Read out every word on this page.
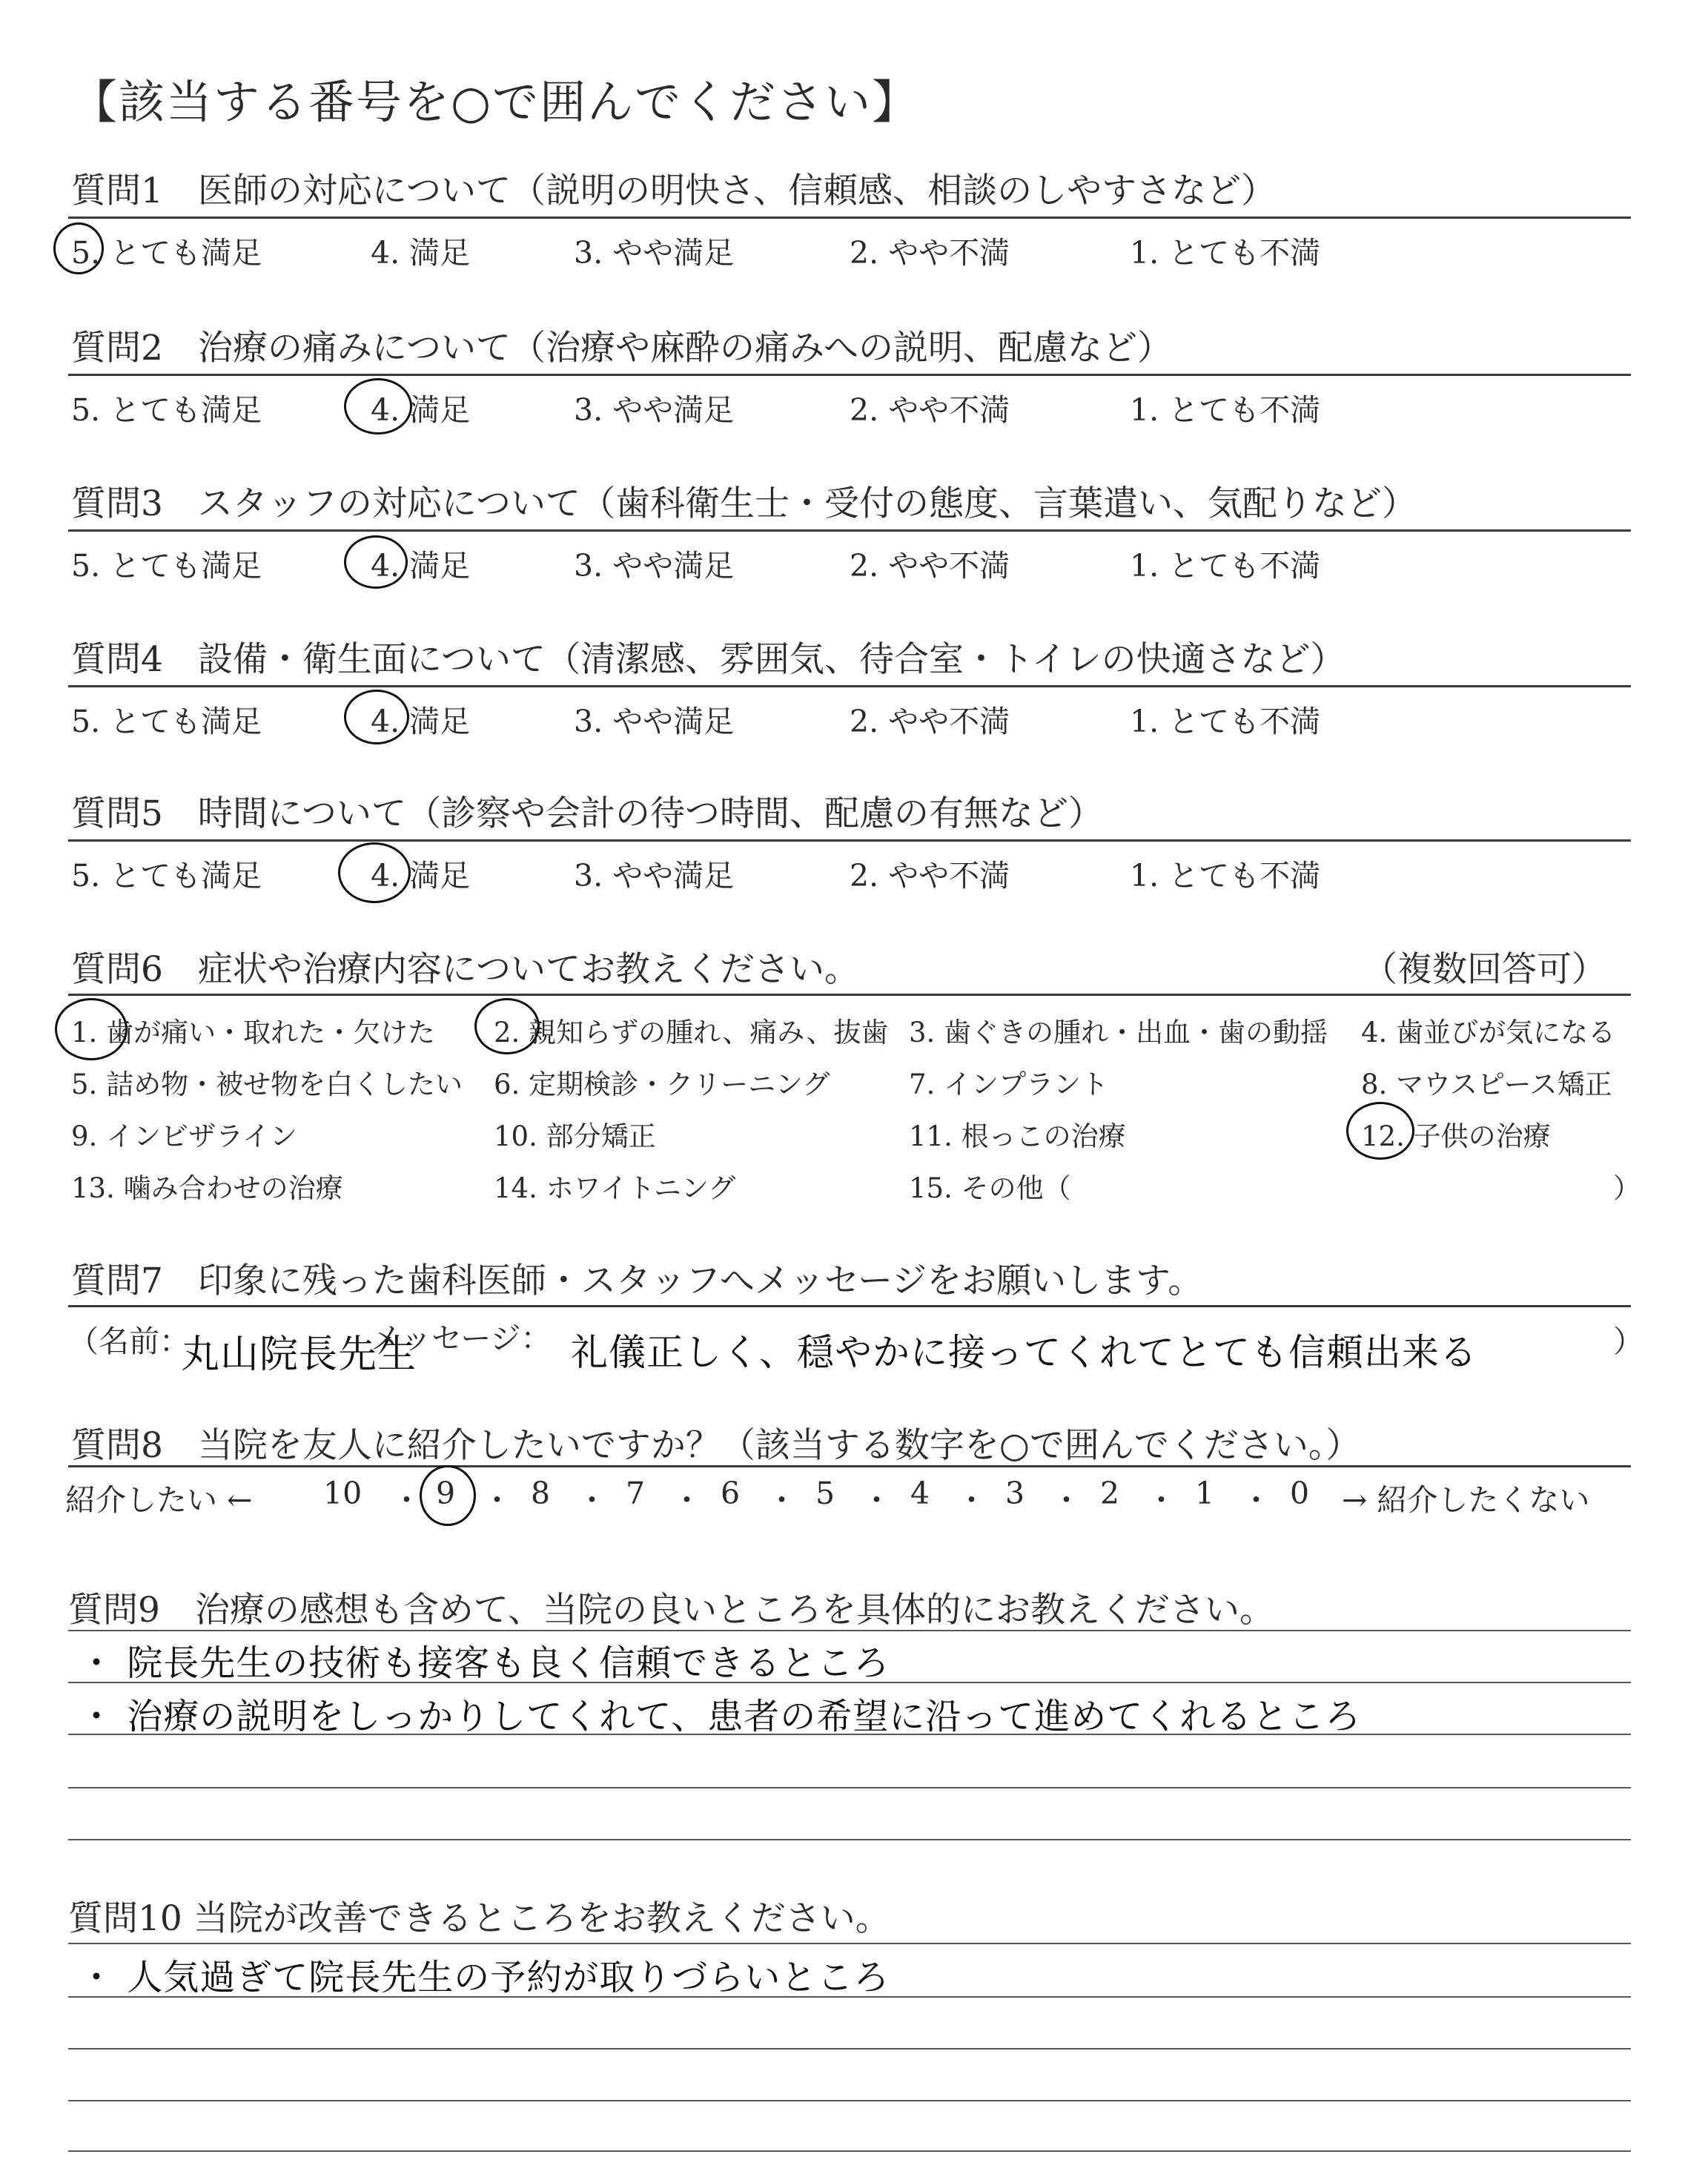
【該当する番号を○で囲んでください】
質問1　医師の対応について（説明の明快さ、信頼感、相談のしやすさなど）
5. とても満足	4. 満足	3. やや満足	2. やや不満	1. とても不満
質問2　治療の痛みについて（治療や麻酔の痛みへの説明、配慮など）
5. とても満足	4. 満足	3. やや満足	2. やや不満	1. とても不満
質問3　スタッフの対応について（歯科衛生士・受付の態度、言葉遣い、気配りなど）
5. とても満足	4. 満足	3. やや満足	2. やや不満	1. とても不満
質問4　設備・衛生面について（清潔感、雰囲気、待合室・トイレの快適さなど）
5. とても満足	4. 満足	3. やや満足	2. やや不満	1. とても不満
質問5　時間について（診察や会計の待つ時間、配慮の有無など）
5. とても満足	4. 満足	3. やや満足	2. やや不満	1. とても不満
質問6　症状や治療内容についてお教えください。	（複数回答可）
1. 歯が痛い・取れた・欠けた 2. 親知らずの腫れ、痛み、抜歯 3. 歯ぐきの腫れ・出血・歯の動揺 4. 歯並びが気になる
5. 詰め物・被せ物を白くしたい 6. 定期検診・クリーニング	7. インプラント	8. マウスピース矯正
9. インビザライン	10. 部分矯正	11. 根っこの治療	12. 子供の治療
13. 噛み合わせの治療	14. ホワイトニング	15. その他（	）
質問7　印象に残った歯科医師・スタッフへメッセージをお願いします。
（名前：
丸山院長先生
メッセージ： 礼儀正しく、穏やかに接ってくれてとても信頼出来る	）
質問8　当院を友人に紹介したいですか？（該当する数字を○で囲んでください。）
紹介したい ←	→ 紹介したくない
10 ・ 9 ・ 8 ・ 7 ・ 6 ・ 5 ・ 4 ・ 3 ・ 2 ・ 1 ・ 0
質問9　治療の感想も含めて、当院の良いところを具体的にお教えください。
・ 院長先生の技術も接客も良く信頼できるところ
・ 治療の説明をしっかりしてくれて、患者の希望に沿って進めてくれるところ
質問10 当院が改善できるところをお教えください。
・ 人気過ぎて院長先生の予約が取りづらいところ
